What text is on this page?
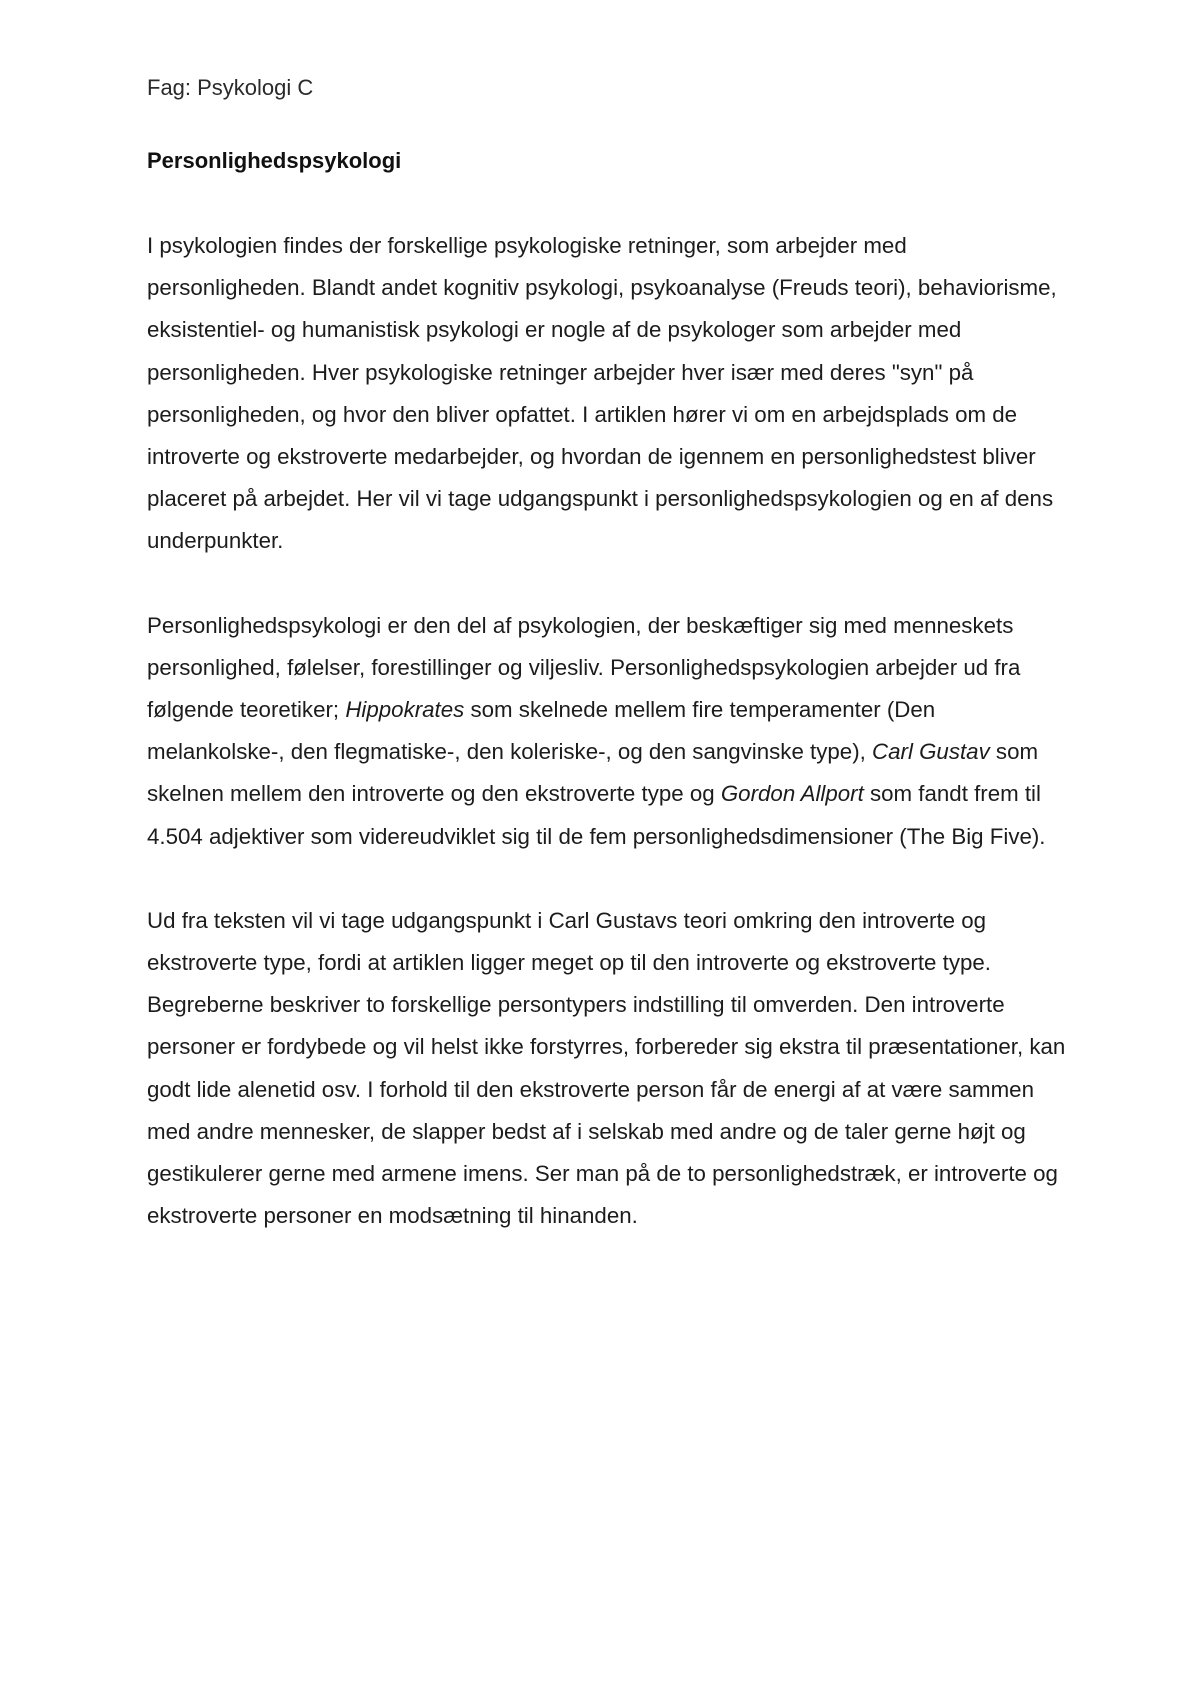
Fag: Psykologi C

Personlighedspsykologi

I psykologien findes der forskellige psykologiske retninger, som arbejder med personligheden. Blandt andet kognitiv psykologi, psykoanalyse (Freuds teori), behaviorisme, eksistentiel- og humanistisk psykologi er nogle af de psykologer som arbejder med personligheden. Hver psykologiske retninger arbejder hver især med deres "syn" på personligheden, og hvor den bliver opfattet. I artiklen hører vi om en arbejdsplads om de introverte og ekstroverte medarbejder, og hvordan de igennem en personlighedstest bliver placeret på arbejdet. Her vil vi tage udgangspunkt i personlighedspsykologien og en af dens underpunkter.

Personlighedspsykologi er den del af psykologien, der beskæftiger sig med menneskets personlighed, følelser, forestillinger og viljesliv. Personlighedspsykologien arbejder ud fra følgende teoretiker; Hippokrates som skelnede mellem fire temperamenter (Den melankolske-, den flegmatiske-, den koleriske-, og den sangvinske type), Carl Gustav som skelnen mellem den introverte og den ekstroverte type og Gordon Allport som fandt frem til 4.504 adjektiver som videreudviklet sig til de fem personlighedsdimensioner (The Big Five).

Ud fra teksten vil vi tage udgangspunkt i Carl Gustavs teori omkring den introverte og ekstroverte type, fordi at artiklen ligger meget op til den introverte og ekstroverte type. Begreberne beskriver to forskellige persontypers indstilling til omverden. Den introverte personer er fordybede og vil helst ikke forstyrres, forbereder sig ekstra til præsentationer, kan godt lide alenetid osv. I forhold til den ekstroverte person får de energi af at være sammen med andre mennesker, de slapper bedst af i selskab med andre og de taler gerne højt og gestikulerer gerne med armene imens. Ser man på de to personlighedstræk, er introverte og ekstroverte personer en modsætning til hinanden.
